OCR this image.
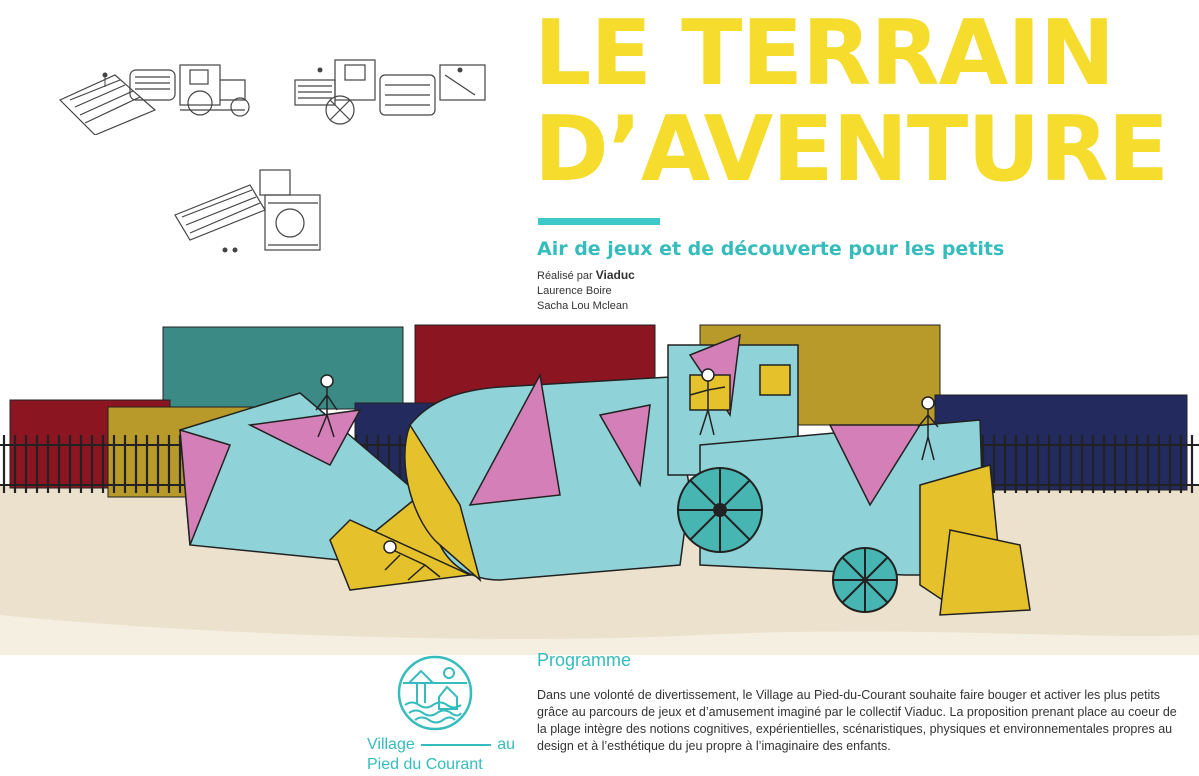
LE TERRAIN
D’AVENTURE
Air de jeux et de découverte pour les petits
Réalisé par Viaduc
Laurence Boire
Sacha Lou Mclean
Village	au
Pied du Courant
Programme

Dans une volonté de divertissement, le Village au Pied-du-Courant souhaite faire bouger et activer les plus petits grâce au parcours de jeux et d’amusement imaginé par le collectif Viaduc. La proposition prenant place au coeur de la plage intègre des notions cognitives, expérientielles, scénaristiques, physiques et environnementales propres au design et à l’esthétique du jeu propre à l’imaginaire des enfants.
